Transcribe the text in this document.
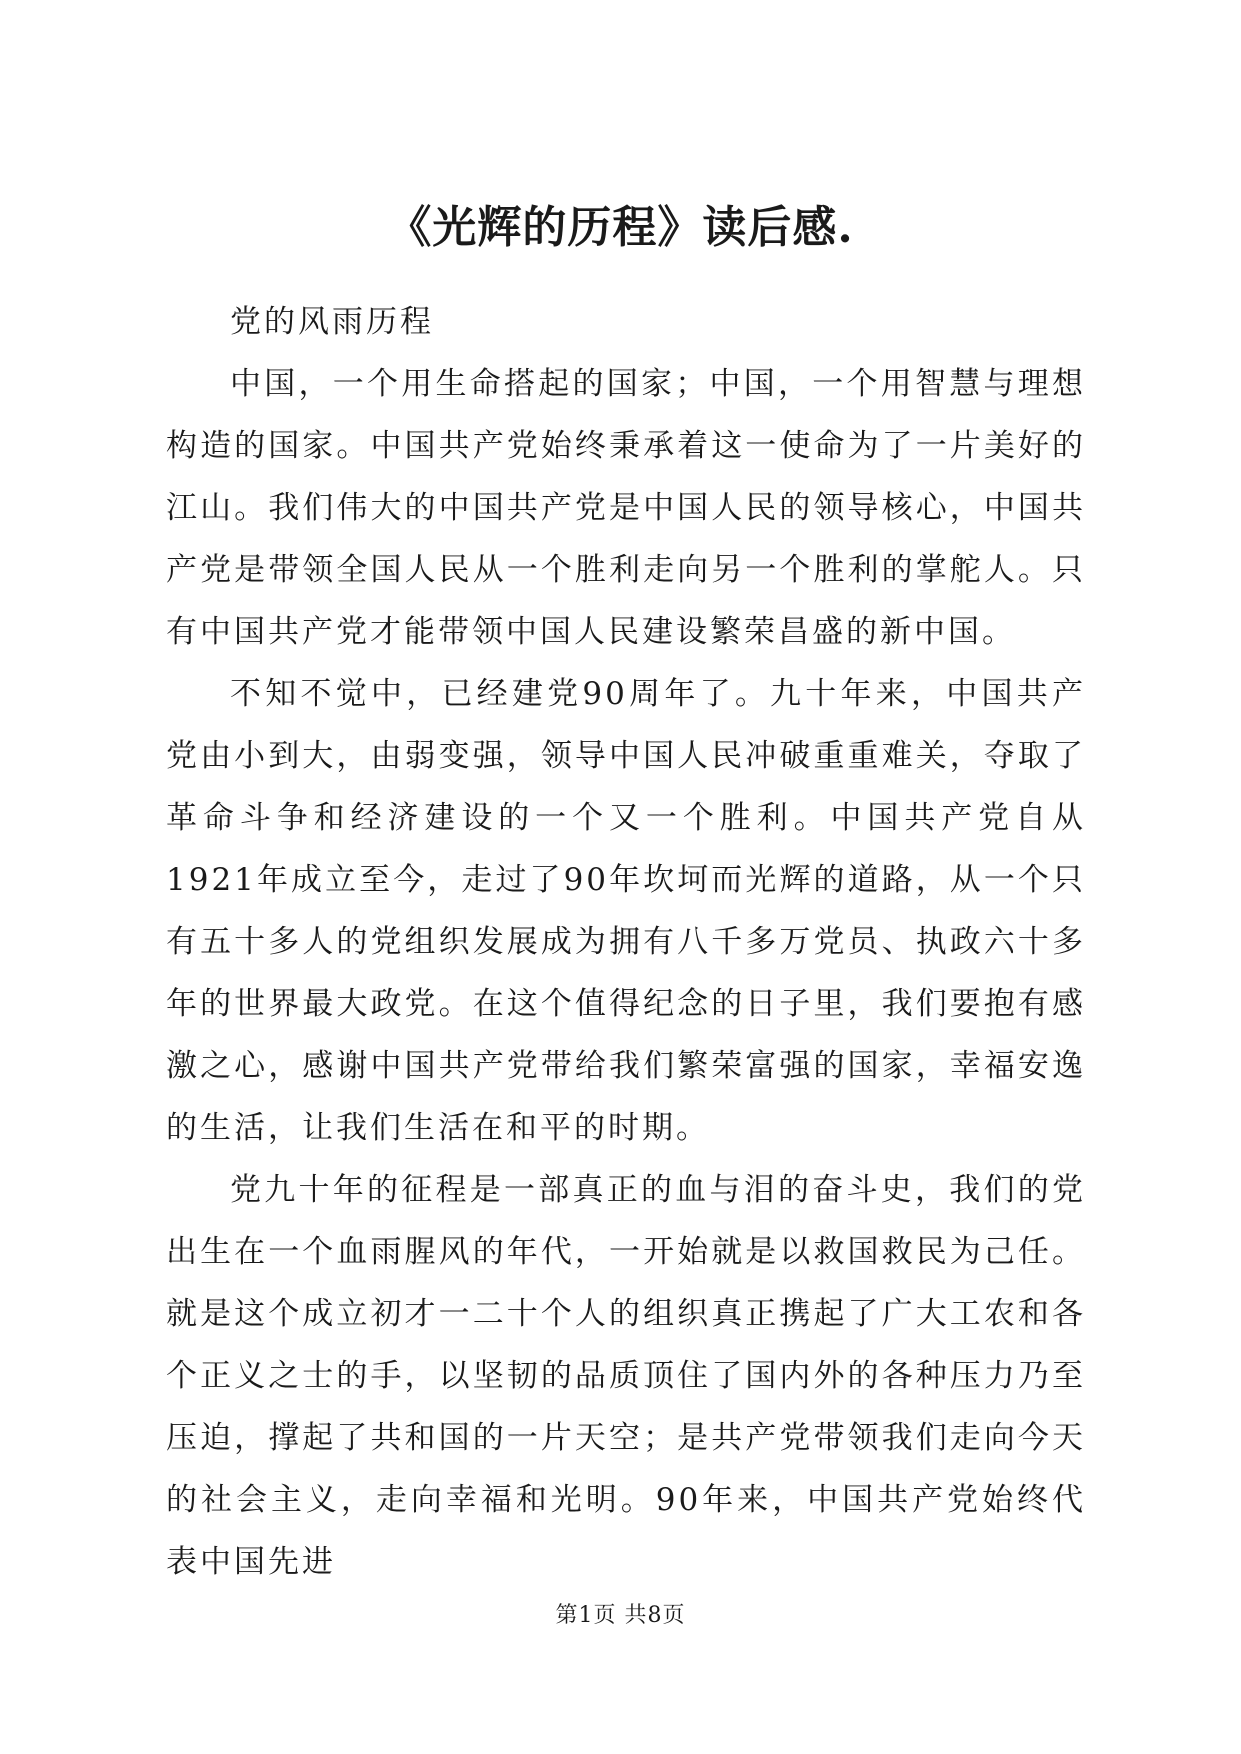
《光辉的历程》读后感.

党的风雨历程

中国，一个用生命搭起的国家；中国，一个用智慧与理想构造的国家。中国共产党始终秉承着这一使命为了一片美好的江山。我们伟大的中国共产党是中国人民的领导核心，中国共产党是带领全国人民从一个胜利走向另一个胜利的掌舵人。只有中国共产党才能带领中国人民建设繁荣昌盛的新中国。

不知不觉中，已经建党90周年了。九十年来，中国共产党由小到大，由弱变强，领导中国人民冲破重重难关，夺取了革命斗争和经济建设的一个又一个胜利。中国共产党自从1921年成立至今，走过了90年坎坷而光辉的道路，从一个只有五十多人的党组织发展成为拥有八千多万党员、执政六十多年的世界最大政党。在这个值得纪念的日子里，我们要抱有感激之心，感谢中国共产党带给我们繁荣富强的国家，幸福安逸的生活，让我们生活在和平的时期。

党九十年的征程是一部真正的血与泪的奋斗史，我们的党出生在一个血雨腥风的年代，一开始就是以救国救民为己任。就是这个成立初才一二十个人的组织真正携起了广大工农和各个正义之士的手，以坚韧的品质顶住了国内外的各种压力乃至压迫，撑起了共和国的一片天空；是共产党带领我们走向今天的社会主义，走向幸福和光明。90年来，中国共产党始终代表中国先进

第1页 共8页
